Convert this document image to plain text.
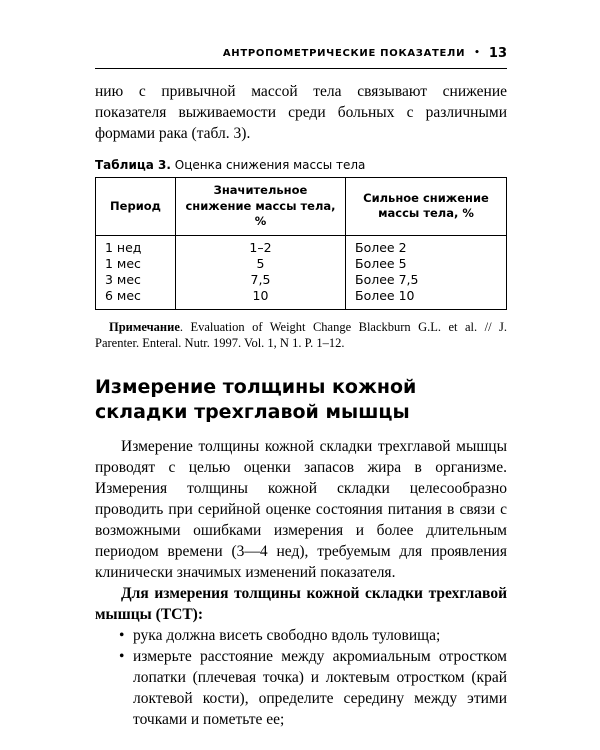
АНТРОПОМЕТРИЧЕСКИЕ ПОКАЗАТЕЛИ • 13
нию с привычной массой тела связывают снижение показателя выживаемости среди больных с различными формами рака (табл. 3).
Таблица 3. Оценка снижения массы тела
Период	Значительное снижение массы тела, %	Сильное снижение массы тела, %
1 нед	1–2	Более 2
1 мес	5	Более 5
3 мес	7,5	Более 7,5
6 мес	10	Более 10
Примечание. Evaluation of Weight Change Blackburn G.L. et al. // J. Parenter. Enteral. Nutr. 1997. Vol. 1, N 1. P. 1–12.
Измерение толщины кожной складки трехглавой мышцы
Измерение толщины кожной складки трехглавой мышцы проводят с целью оценки запасов жира в организме. Измерения толщины кожной складки целесообразно проводить при серийной оценке состояния питания в связи с возможными ошибками измерения и более длительным периодом времени (3—4 нед), требуемым для проявления клинически значимых изменений показателя.
Для измерения толщины кожной складки трехглавой мышцы (ТСТ):
• рука должна висеть свободно вдоль туловища;
• измерьте расстояние между акромиальным отростком лопатки (плечевая точка) и локтевым отростком (край локтевой кости), определите середину между этими точками и пометьте ее;
